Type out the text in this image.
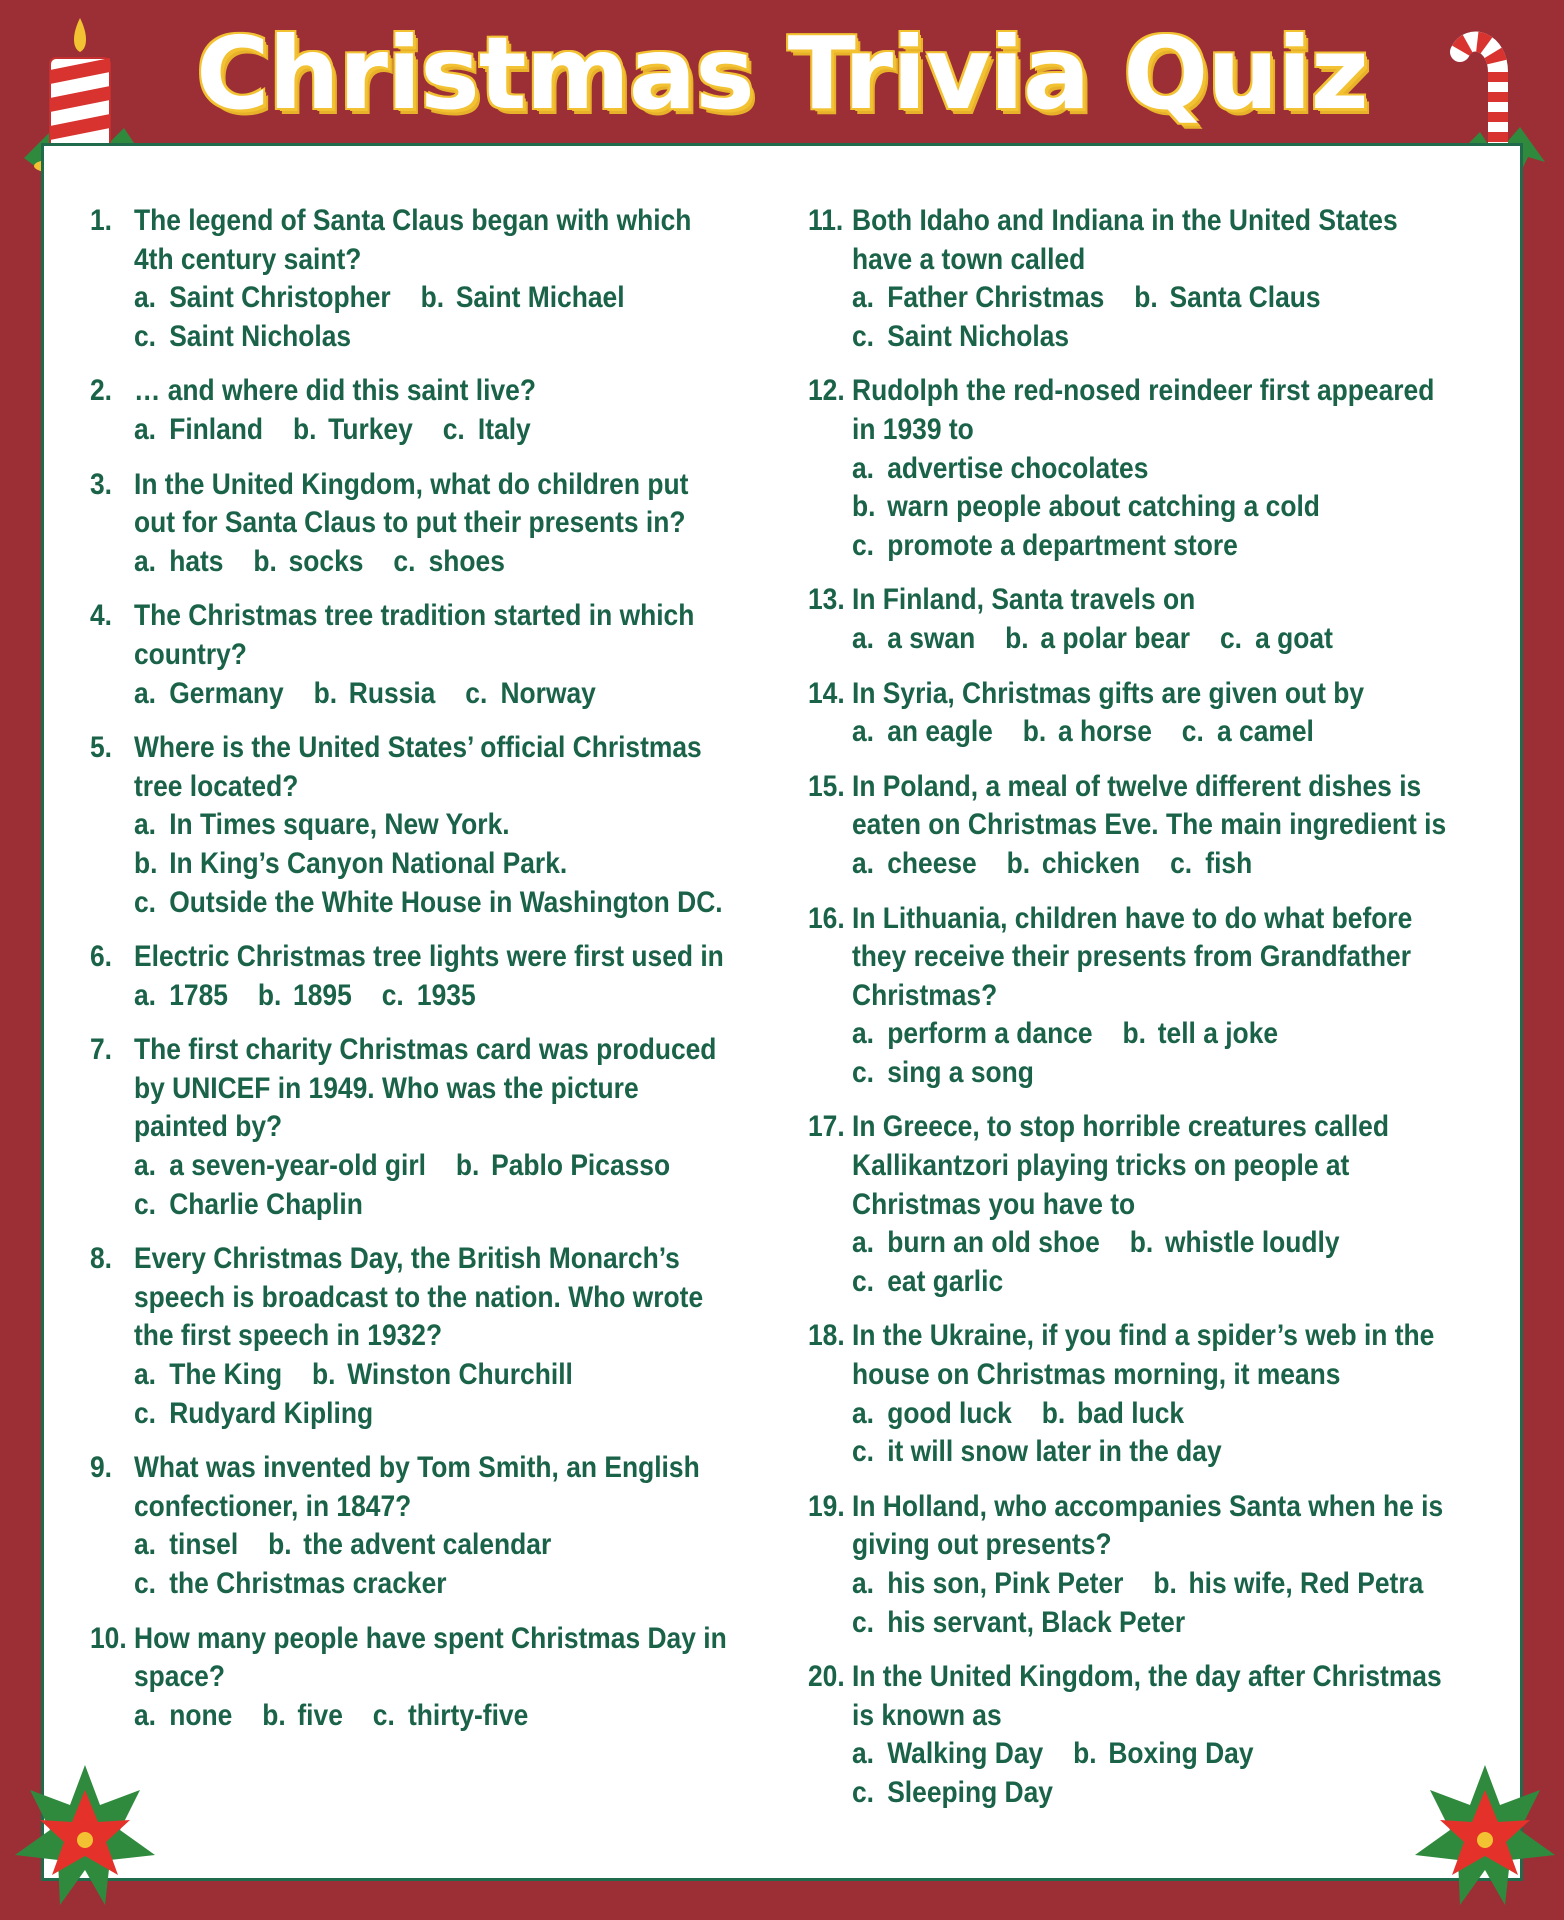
Christmas Trivia Quiz
1. The legend of Santa Claus began with which
4th century saint?
a. Saint Christopher b. Saint Michael
c. Saint Nicholas
2. … and where did this saint live?
a. Finland b. Turkey c. Italy
3. In the United Kingdom, what do children put
out for Santa Claus to put their presents in?
a. hats b. socks c. shoes
4. The Christmas tree tradition started in which
country?
a. Germany b. Russia c. Norway
5. Where is the United States’ official Christmas
tree located?
a. In Times square, New York.
b. In King’s Canyon National Park.
c. Outside the White House in Washington DC.
6. Electric Christmas tree lights were first used in
a. 1785 b. 1895 c. 1935
7. The first charity Christmas card was produced
by UNICEF in 1949. Who was the picture
painted by?
a. a seven-year-old girl b. Pablo Picasso
c. Charlie Chaplin
8. Every Christmas Day, the British Monarch’s
speech is broadcast to the nation. Who wrote
the first speech in 1932?
a. The King b. Winston Churchill
c. Rudyard Kipling
9. What was invented by Tom Smith, an English
confectioner, in 1847?
a. tinsel b. the advent calendar
c. the Christmas cracker
10. How many people have spent Christmas Day in
space?
a. none b. five c. thirty-five
11. Both Idaho and Indiana in the United States
have a town called
a. Father Christmas b. Santa Claus
c. Saint Nicholas
12. Rudolph the red-nosed reindeer first appeared
in 1939 to
a. advertise chocolates
b. warn people about catching a cold
c. promote a department store
13. In Finland, Santa travels on
a. a swan b. a polar bear c. a goat
14. In Syria, Christmas gifts are given out by
a. an eagle b. a horse c. a camel
15. In Poland, a meal of twelve different dishes is
eaten on Christmas Eve. The main ingredient is
a. cheese b. chicken c. fish
16. In Lithuania, children have to do what before
they receive their presents from Grandfather
Christmas?
a. perform a dance b. tell a joke
c. sing a song
17. In Greece, to stop horrible creatures called
Kallikantzori playing tricks on people at
Christmas you have to
a. burn an old shoe b. whistle loudly
c. eat garlic
18. In the Ukraine, if you find a spider’s web in the
house on Christmas morning, it means
a. good luck b. bad luck
c. it will snow later in the day
19. In Holland, who accompanies Santa when he is
giving out presents?
a. his son, Pink Peter b. his wife, Red Petra
c. his servant, Black Peter
20. In the United Kingdom, the day after Christmas
is known as
a. Walking Day b. Boxing Day
c. Sleeping Day
